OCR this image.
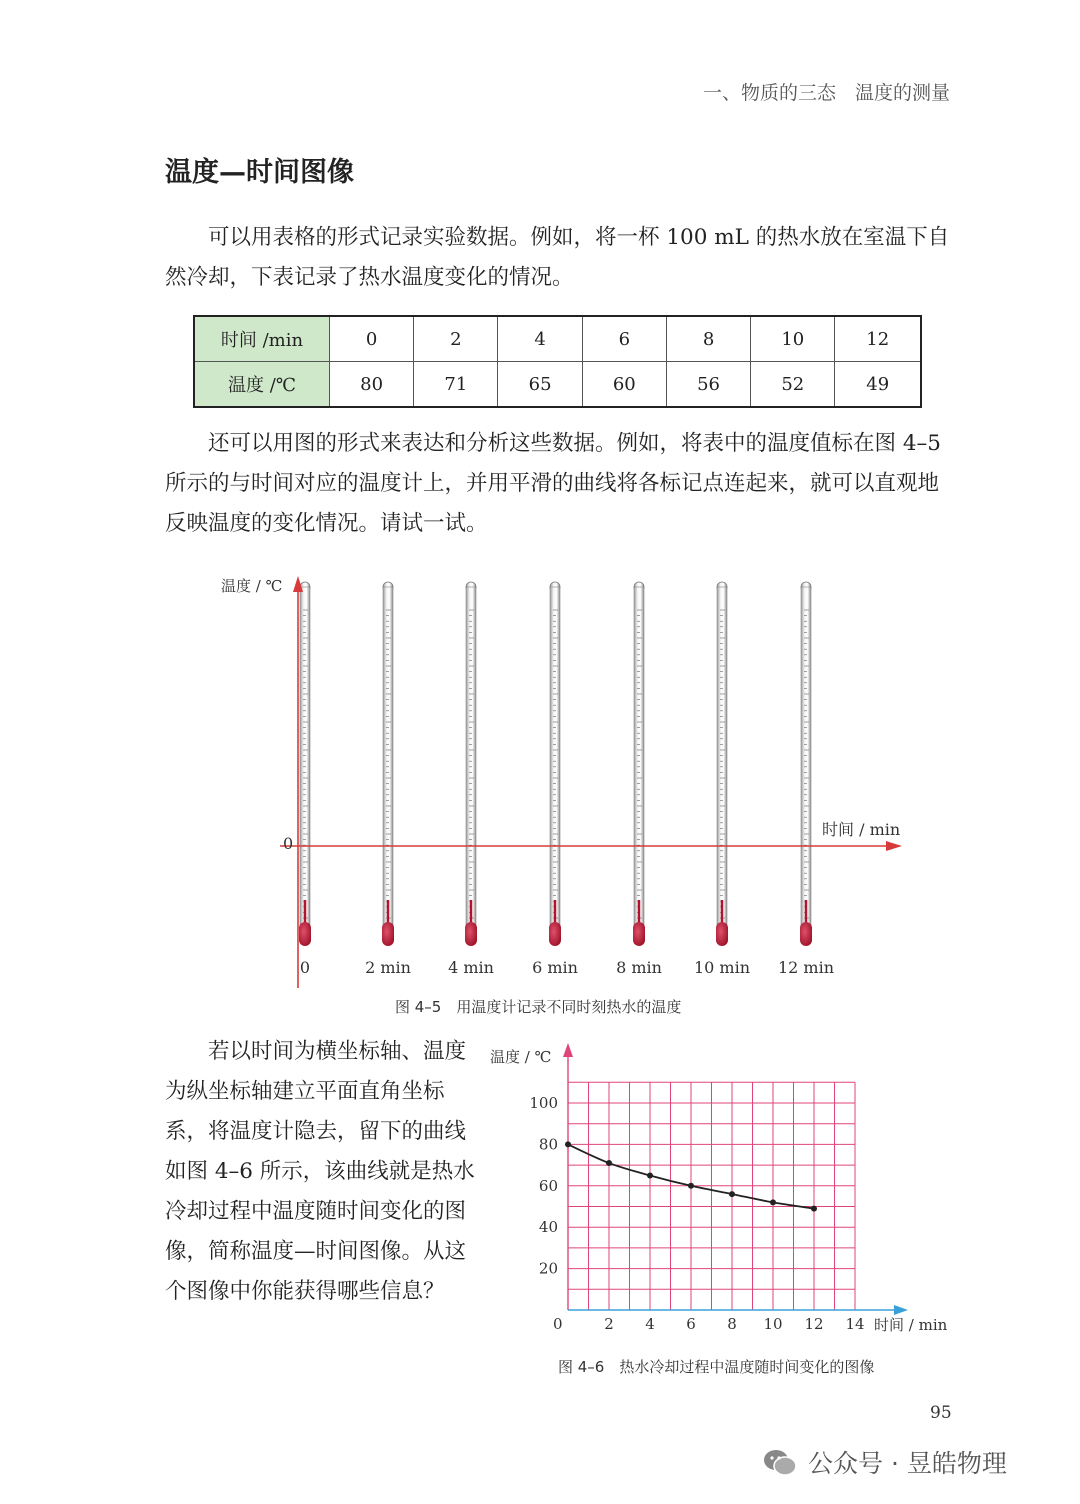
一、物质的三态　温度的测量
温度—时间图像

可以用表格的形式记录实验数据。例如，将一杯 100 mL 的热水放在室温下自然冷却，下表记录了热水温度变化的情况。

时间 /min	0	2	4	6	8	10	12
温度 /℃	80	71	65	60	56	52	49

还可以用图的形式来表达和分析这些数据。例如，将表中的温度值标在图 4–5 所示的与时间对应的温度计上，并用平滑的曲线将各标记点连起来，就可以直观地反映温度的变化情况。请试一试。

温度 / ℃
时间 / min
0
0	2 min 4 min 6 min 8 min 10 min 12 min
图 4–5　用温度计记录不同时刻热水的温度

若以时间为横坐标轴、温度为纵坐标轴建立平面直角坐标系，将温度计隐去，留下的曲线如图 4–6 所示，该曲线就是热水冷却过程中温度随时间变化的图像，简称温度—时间图像。从这个图像中你能获得哪些信息？

2 4 6 8 10 12 14
20
40
60
80
100
温度 / ℃
时间 / min
0
图 4–6　热水冷却过程中温度随时间变化的图像
95
公众号 · 昱皓物理
